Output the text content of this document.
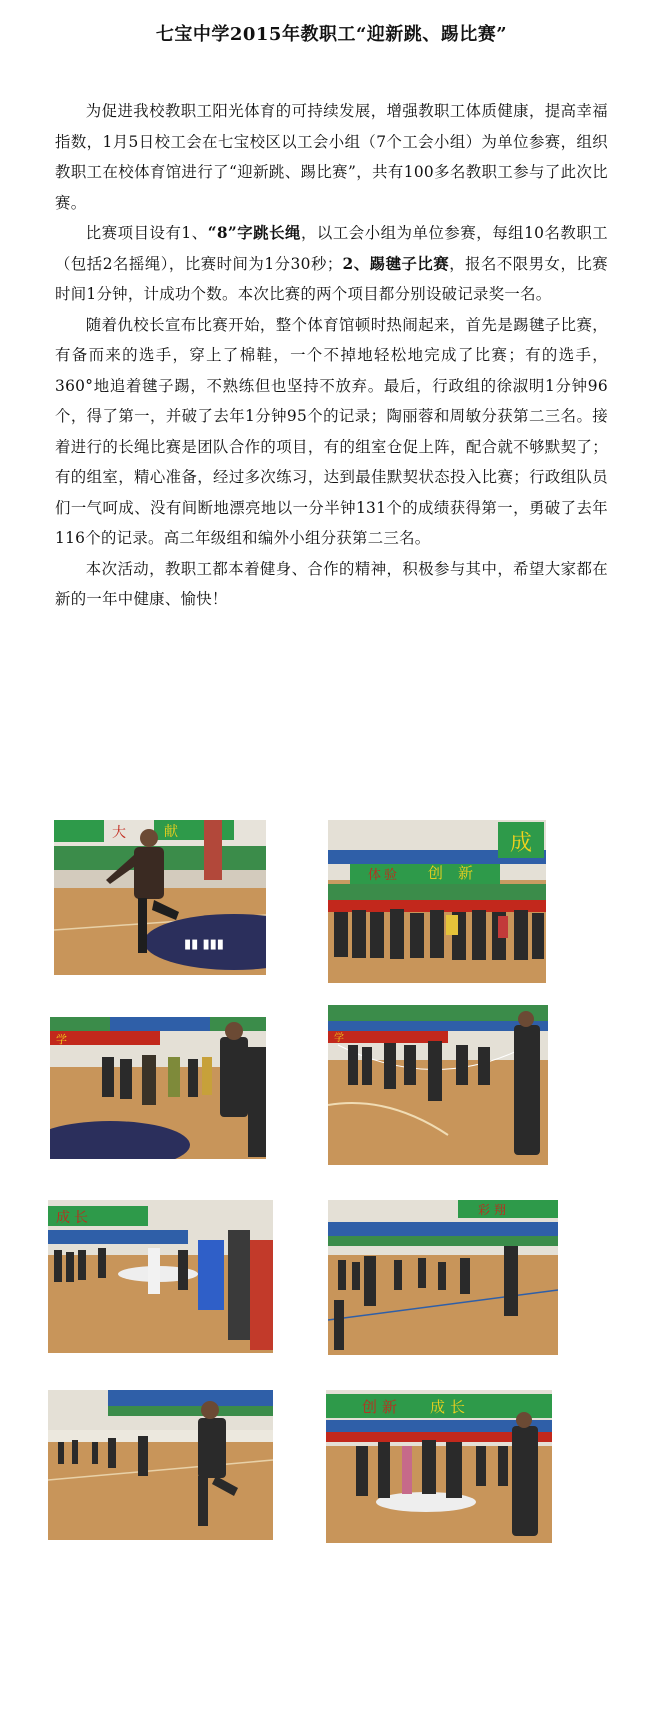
七宝中学2015年教职工“迎新跳、踢比赛”

为促进我校教职工阳光体育的可持续发展，增强教职工体质健康，提高幸福指数，1月5日校工会在七宝校区以工会小组（7个工会小组）为单位参赛，组织教职工在校体育馆进行了“迎新跳、踢比赛”，共有100多名教职工参与了此次比赛。

比赛项目设有1、“8”字跳长绳，以工会小组为单位参赛，每组10名教职工（包括2名摇绳），比赛时间为1分30秒；2、踢毽子比赛，报名不限男女，比赛时间1分钟，计成功个数。本次比赛的两个项目都分别设破记录奖一名。

随着仇校长宣布比赛开始，整个体育馆顿时热闹起来，首先是踢毽子比赛，有备而来的选手，穿上了棉鞋，一个不掉地轻松地完成了比赛；有的选手，360°地追着毽子踢，不熟练但也坚持不放弃。最后，行政组的徐淑明1分钟96个，得了第一，并破了去年1分钟95个的记录；陶丽蓉和周敏分获第二三名。接着进行的长绳比赛是团队合作的项目，有的组室仓促上阵，配合就不够默契了；有的组室，精心准备，经过多次练习，达到最佳默契状态投入比赛；行政组队员们一气呵成、没有间断地漂亮地以一分半钟131个的成绩获得第一，勇破了去年116个的记录。高二年级组和编外小组分获第二三名。

本次活动，教职工都本着健身、合作的精神，积极参与其中，希望大家都在新的一年中健康、愉快！

大	献
▮▮ ▮▮▮
成
体 验 创 新
学	学
成 长	彩 翔
创 新 成 长
